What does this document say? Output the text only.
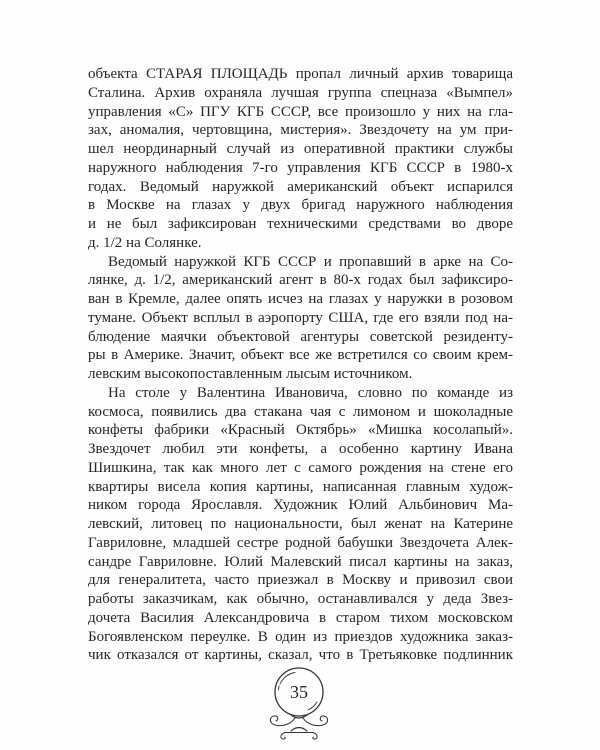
объекта СТАРАЯ ПЛОЩАДЬ пропал личный архив товарища
Сталина. Архив охраняла лучшая группа спецназа «Вымпел»
управления «С» ПГУ КГБ СССР, все произошло у них на гла-
зах, аномалия, чертовщина, мистерия». Звездочету на ум при-
шел неординарный случай из оперативной практики службы
наружного наблюдения 7-го управления КГБ СССР в 1980-х
годах. Ведомый наружкой американский объект испарился
в Москве на глазах у двух бригад наружного наблюдения
и не был зафиксирован техническими средствами во дворе
д. 1/2 на Солянке.
Ведомый наружкой КГБ СССР и пропавший в арке на Со-
лянке, д. 1/2, американский агент в 80-х годах был зафиксиро-
ван в Кремле, далее опять исчез на глазах у наружки в розовом
тумане. Объект всплыл в аэропорту США, где его взяли под на-
блюдение маячки объектовой агентуры советской резиденту-
ры в Америке. Значит, объект все же встретился со своим крем-
левским высокопоставленным лысым источником.
На столе у Валентина Ивановича, словно по команде из
космоса, появились два стакана чая с лимоном и шоколадные
конфеты фабрики «Красный Октябрь» «Мишка косолапый».
Звездочет любил эти конфеты, а особенно картину Ивана
Шишкина, так как много лет с самого рождения на стене его
квартиры висела копия картины, написанная главным худож-
ником города Ярославля. Художник Юлий Альбинович Ма-
левский, литовец по национальности, был женат на Катерине
Гавриловне, младшей сестре родной бабушки Звездочета Алек-
сандре Гавриловне. Юлий Малевский писал картины на заказ,
для генералитета, часто приезжал в Москву и привозил свои
работы заказчикам, как обычно, останавливался у деда Звез-
дочета Василия Александровича в старом тихом московском
Богоявленском переулке. В один из приездов художника заказ-
чик отказался от картины, сказал, что в Третьяковке подлинник
35
